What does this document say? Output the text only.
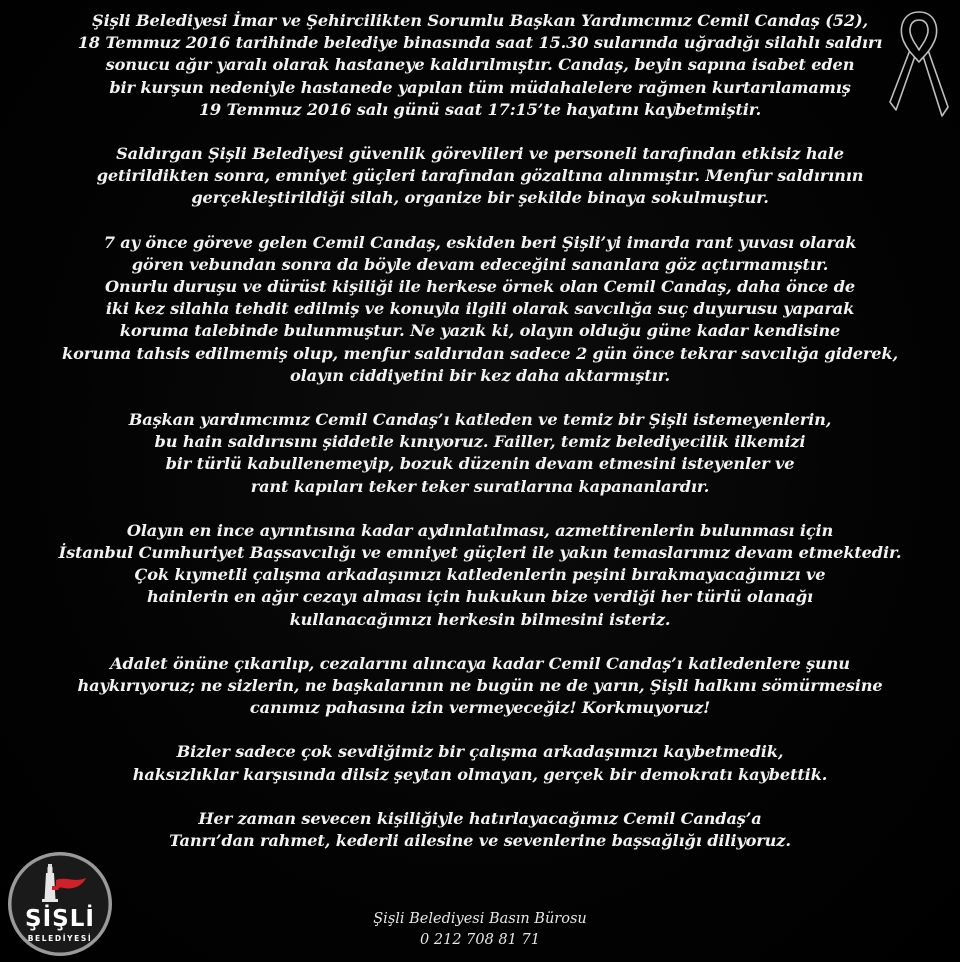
Şişli Belediyesi İmar ve Şehircilikten Sorumlu Başkan Yardımcımız Cemil Candaş (52),
18 Temmuz 2016 tarihinde belediye binasında saat 15.30 sularında uğradığı silahlı saldırı
sonucu ağır yaralı olarak hastaneye kaldırılmıştır. Candaş, beyin sapına isabet eden
bir kurşun nedeniyle hastanede yapılan tüm müdahalelere rağmen kurtarılamamış
19 Temmuz 2016 salı günü saat 17:15’te hayatını kaybetmiştir.
Saldırgan Şişli Belediyesi güvenlik görevlileri ve personeli tarafından etkisiz hale
getirildikten sonra, emniyet güçleri tarafından gözaltına alınmıştır. Menfur saldırının
gerçekleştirildiği silah, organize bir şekilde binaya sokulmuştur.
7 ay önce göreve gelen Cemil Candaş, eskiden beri Şişli’yi imarda rant yuvası olarak
gören vebundan sonra da böyle devam edeceğini sananlara göz açtırmamıştır.
Onurlu duruşu ve dürüst kişiliği ile herkese örnek olan Cemil Candaş, daha önce de
iki kez silahla tehdit edilmiş ve konuyla ilgili olarak savcılığa suç duyurusu yaparak
koruma talebinde bulunmuştur. Ne yazık ki, olayın olduğu güne kadar kendisine
koruma tahsis edilmemiş olup, menfur saldırıdan sadece 2 gün önce tekrar savcılığa giderek,
olayın ciddiyetini bir kez daha aktarmıştır.
Başkan yardımcımız Cemil Candaş’ı katleden ve temiz bir Şişli istemeyenlerin,
bu hain saldırısını şiddetle kınıyoruz. Failler, temiz belediyecilik ilkemizi
bir türlü kabullenemeyip, bozuk düzenin devam etmesini isteyenler ve
rant kapıları teker teker suratlarına kapananlardır.
Olayın en ince ayrıntısına kadar aydınlatılması, azmettirenlerin bulunması için
İstanbul Cumhuriyet Başsavcılığı ve emniyet güçleri ile yakın temaslarımız devam etmektedir.
Çok kıymetli çalışma arkadaşımızı katledenlerin peşini bırakmayacağımızı ve
hainlerin en ağır cezayı alması için hukukun bize verdiği her türlü olanağı
kullanacağımızı herkesin bilmesini isteriz.
Adalet önüne çıkarılıp, cezalarını alıncaya kadar Cemil Candaş’ı katledenlere şunu
haykırıyoruz; ne sizlerin, ne başkalarının ne bugün ne de yarın, Şişli halkını sömürmesine
canımız pahasına izin vermeyeceğiz! Korkmuyoruz!
Bizler sadece çok sevdiğimiz bir çalışma arkadaşımızı kaybetmedik,
haksızlıklar karşısında dilsiz şeytan olmayan, gerçek bir demokratı kaybettik.
Her zaman sevecen kişiliğiyle hatırlayacağımız Cemil Candaş’a
Tanrı’dan rahmet, kederli ailesine ve sevenlerine başsağlığı diliyoruz.
Şişli Belediyesi Basın Bürosu
0 212 708 81 71
ŞİŞLİ
BELEDİYESİ
